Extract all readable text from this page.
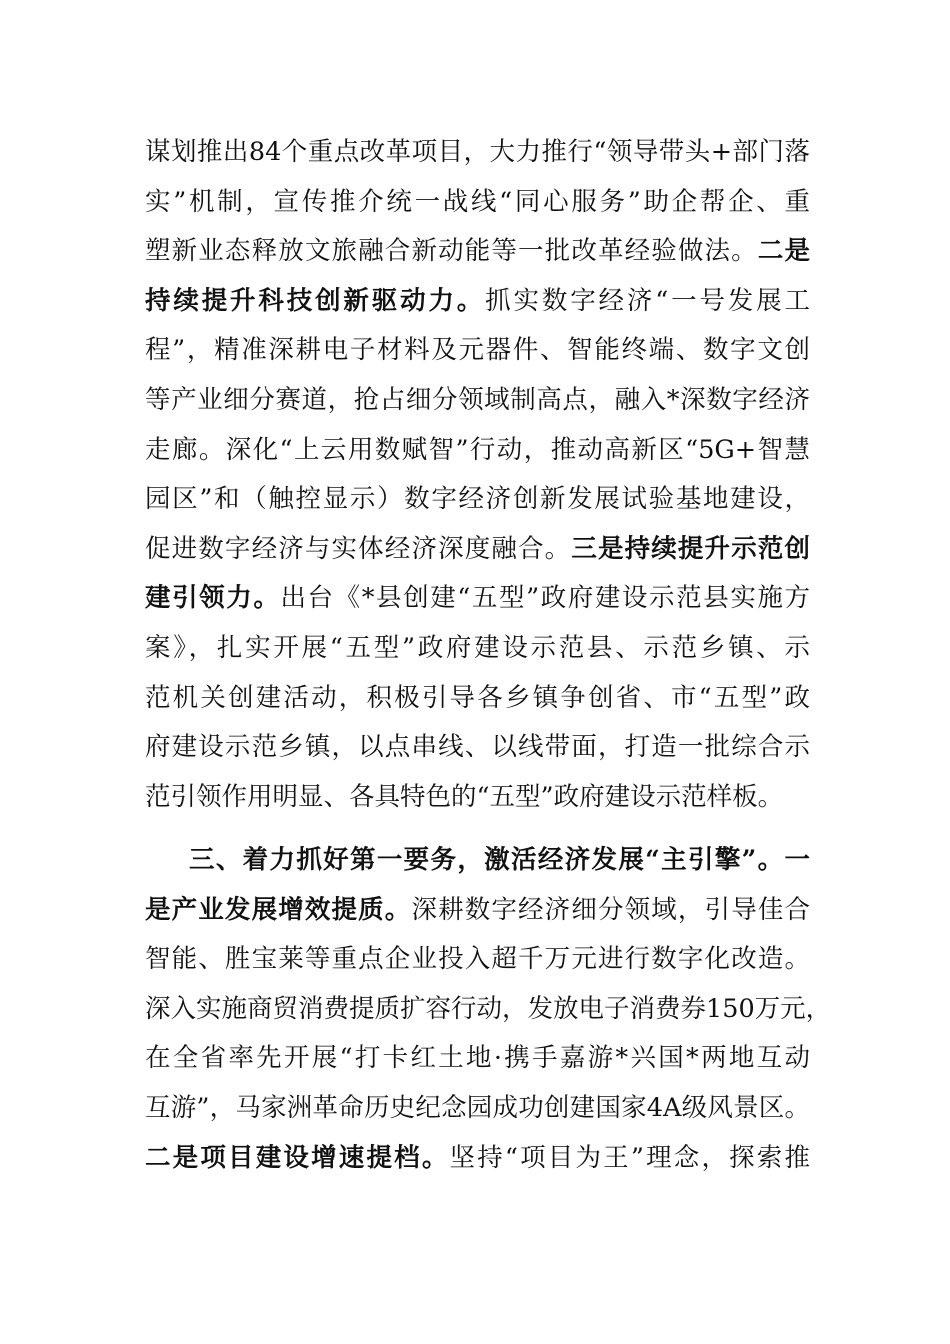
谋划推出84个重点改革项目，大力推行“领导带头+部门落
实”机制，宣传推介统一战线“同心服务”助企帮企、重
塑新业态释放文旅融合新动能等一批改革经验做法。二是
持续提升科技创新驱动力。抓实数字经济“一号发展工
程”，精准深耕电子材料及元器件、智能终端、数字文创
等产业细分赛道，抢占细分领域制高点，融入*深数字经济
走廊。深化“上云用数赋智”行动，推动高新区“5G+智慧
园区”和（触控显示）数字经济创新发展试验基地建设，
促进数字经济与实体经济深度融合。三是持续提升示范创
建引领力。出台《*县创建“五型”政府建设示范县实施方
案》，扎实开展“五型”政府建设示范县、示范乡镇、示
范机关创建活动，积极引导各乡镇争创省、市“五型”政
府建设示范乡镇，以点串线、以线带面，打造一批综合示
范引领作用明显、各具特色的“五型”政府建设示范样板。
三、着力抓好第一要务，激活经济发展“主引擎”。一
是产业发展增效提质。深耕数字经济细分领域，引导佳合
智能、胜宝莱等重点企业投入超千万元进行数字化改造。
深入实施商贸消费提质扩容行动，发放电子消费券150万元，
在全省率先开展“打卡红土地·携手嘉游*兴国*两地互动
互游”，马家洲革命历史纪念园成功创建国家4A级风景区。
二是项目建设增速提档。坚持“项目为王”理念，探索推
